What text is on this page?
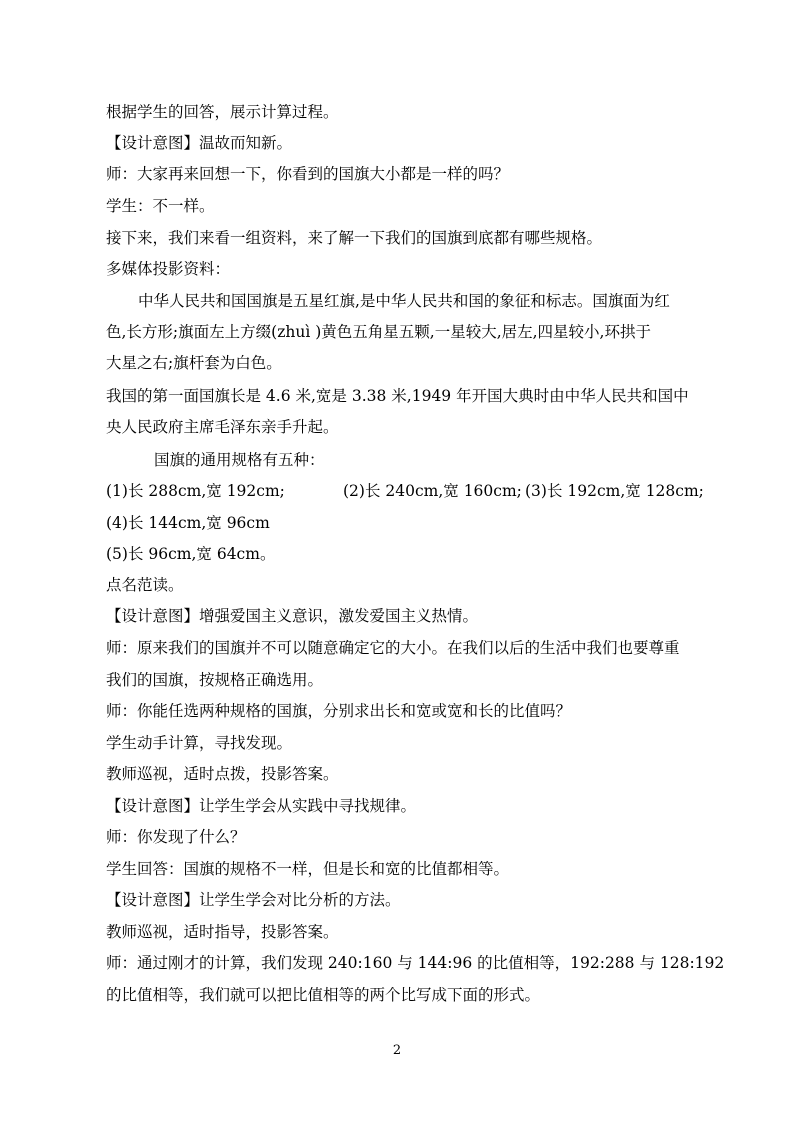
根据学生的回答，展示计算过程。
【设计意图】温故而知新。
师：大家再来回想一下，你看到的国旗大小都是一样的吗？
学生：不一样。
接下来，我们来看一组资料，来了解一下我们的国旗到底都有哪些规格。
多媒体投影资料：
中华人民共和国国旗是五星红旗,是中华人民共和国的象征和标志。国旗面为红
色,长方形;旗面左上方缀(zhuì )黄色五角星五颗,一星较大,居左,四星较小,环拱于
大星之右;旗杆套为白色。
我国的第一面国旗长是 4.6 米,宽是 3.38 米,1949 年开国大典时由中华人民共和国中
央人民政府主席毛泽东亲手升起。
国旗的通用规格有五种：
(1)长 288cm,宽 192cm;	(2)长 240cm,宽 160cm; (3)长 192cm,宽 128cm;
(4)长 144cm,宽 96cm
(5)长 96cm,宽 64cm。
点名范读。
【设计意图】增强爱国主义意识，激发爱国主义热情。
师：原来我们的国旗并不可以随意确定它的大小。在我们以后的生活中我们也要尊重
我们的国旗，按规格正确选用。
师：你能任选两种规格的国旗，分别求出长和宽或宽和长的比值吗？
学生动手计算，寻找发现。
教师巡视，适时点拨，投影答案。
【设计意图】让学生学会从实践中寻找规律。
师：你发现了什么？
学生回答：国旗的规格不一样，但是长和宽的比值都相等。
【设计意图】让学生学会对比分析的方法。
教师巡视，适时指导，投影答案。
师：通过刚才的计算，我们发现 240:160 与 144:96 的比值相等，192:288 与 128:192
的比值相等，我们就可以把比值相等的两个比写成下面的形式。
2
